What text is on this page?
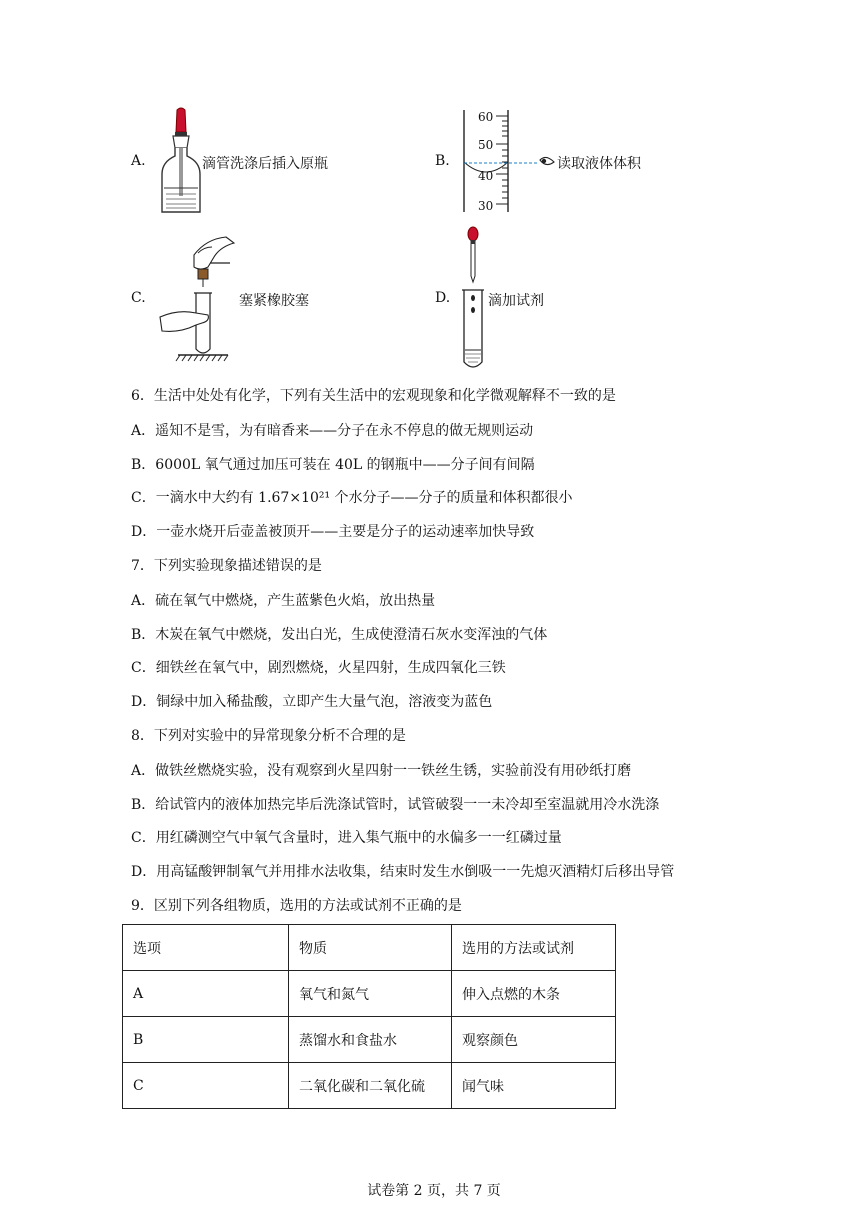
A.	滴管洗涤后插入原瓶	B.
60
50
40
30
读取液体体积
C.	塞紧橡胶塞	D.	滴加试剂
6．生活中处处有化学，下列有关生活中的宏观现象和化学微观解释不一致的是
A．遥知不是雪，为有暗香来——分子在永不停息的做无规则运动
B．6000L 氧气通过加压可装在 40L 的钢瓶中——分子间有间隔
C．一滴水中大约有 1.67×10²¹ 个水分子——分子的质量和体积都很小
D．一壶水烧开后壶盖被顶开——主要是分子的运动速率加快导致
7．下列实验现象描述错误的是
A．硫在氧气中燃烧，产生蓝紫色火焰，放出热量
B．木炭在氧气中燃烧，发出白光，生成使澄清石灰水变浑浊的气体
C．细铁丝在氧气中，剧烈燃烧，火星四射，生成四氧化三铁
D．铜绿中加入稀盐酸，立即产生大量气泡，溶液变为蓝色
8．下列对实验中的异常现象分析不合理的是
A．做铁丝燃烧实验，没有观察到火星四射一一铁丝生锈，实验前没有用砂纸打磨
B．给试管内的液体加热完毕后洗涤试管时，试管破裂一一未冷却至室温就用冷水洗涤
C．用红磷测空气中氧气含量时，进入集气瓶中的水偏多一一红磷过量
D．用高锰酸钾制氧气并用排水法收集，结束时发生水倒吸一一先熄灭酒精灯后移出导管
9．区别下列各组物质，选用的方法或试剂不正确的是
选项	物质	选用的方法或试剂
A	氧气和氮气	伸入点燃的木条
B	蒸馏水和食盐水	观察颜色
C	二氧化碳和二氧化硫	闻气味
试卷第 2 页，共 7 页
